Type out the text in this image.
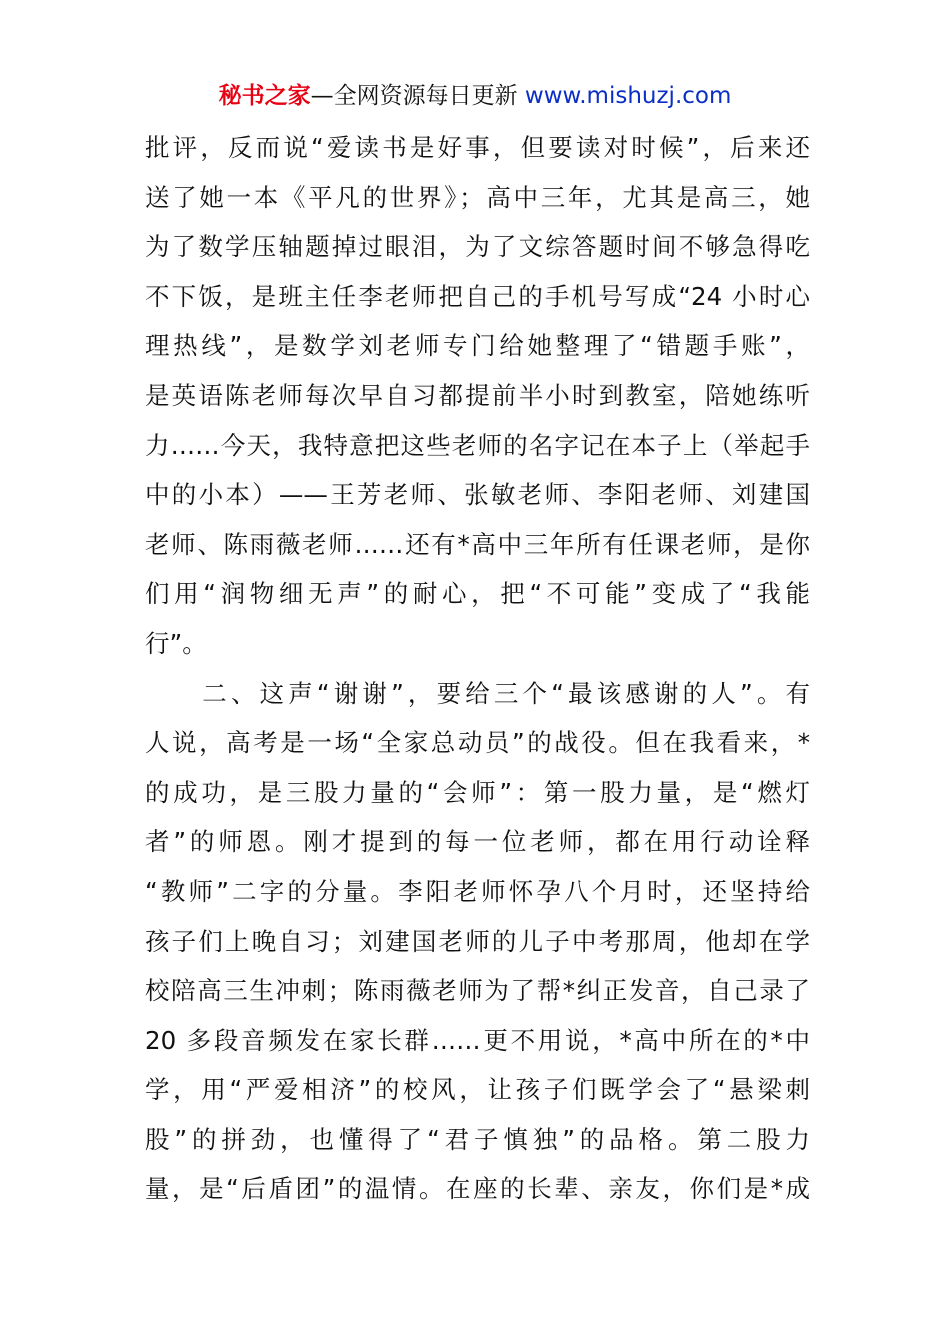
秘书之家—全网资源每日更新 www.mishuzj.com
批评，反而说“爱读书是好事，但要读对时候”，后来还
送了她一本《平凡的世界》；高中三年，尤其是高三，她
为了数学压轴题掉过眼泪，为了文综答题时间不够急得吃
不下饭，是班主任李老师把自己的手机号写成“24 小时心
理热线”，是数学刘老师专门给她整理了“错题手账”，
是英语陈老师每次早自习都提前半小时到教室，陪她练听
力……今天，我特意把这些老师的名字记在本子上（举起手
中的小本）——王芳老师、张敏老师、李阳老师、刘建国
老师、陈雨薇老师……还有*高中三年所有任课老师，是你
们用“润物细无声”的耐心，把“不可能”变成了“我能
行”。
　　二、这声“谢谢”，要给三个“最该感谢的人”。有
人说，高考是一场“全家总动员”的战役。但在我看来，*
的成功，是三股力量的“会师”：第一股力量，是“燃灯
者”的师恩。刚才提到的每一位老师，都在用行动诠释
“教师”二字的分量。李阳老师怀孕八个月时，还坚持给
孩子们上晚自习；刘建国老师的儿子中考那周，他却在学
校陪高三生冲刺；陈雨薇老师为了帮*纠正发音，自己录了
20 多段音频发在家长群……更不用说，*高中所在的*中
学，用“严爱相济”的校风，让孩子们既学会了“悬梁刺
股”的拼劲，也懂得了“君子慎独”的品格。第二股力
量，是“后盾团”的温情。在座的长辈、亲友，你们是*成
